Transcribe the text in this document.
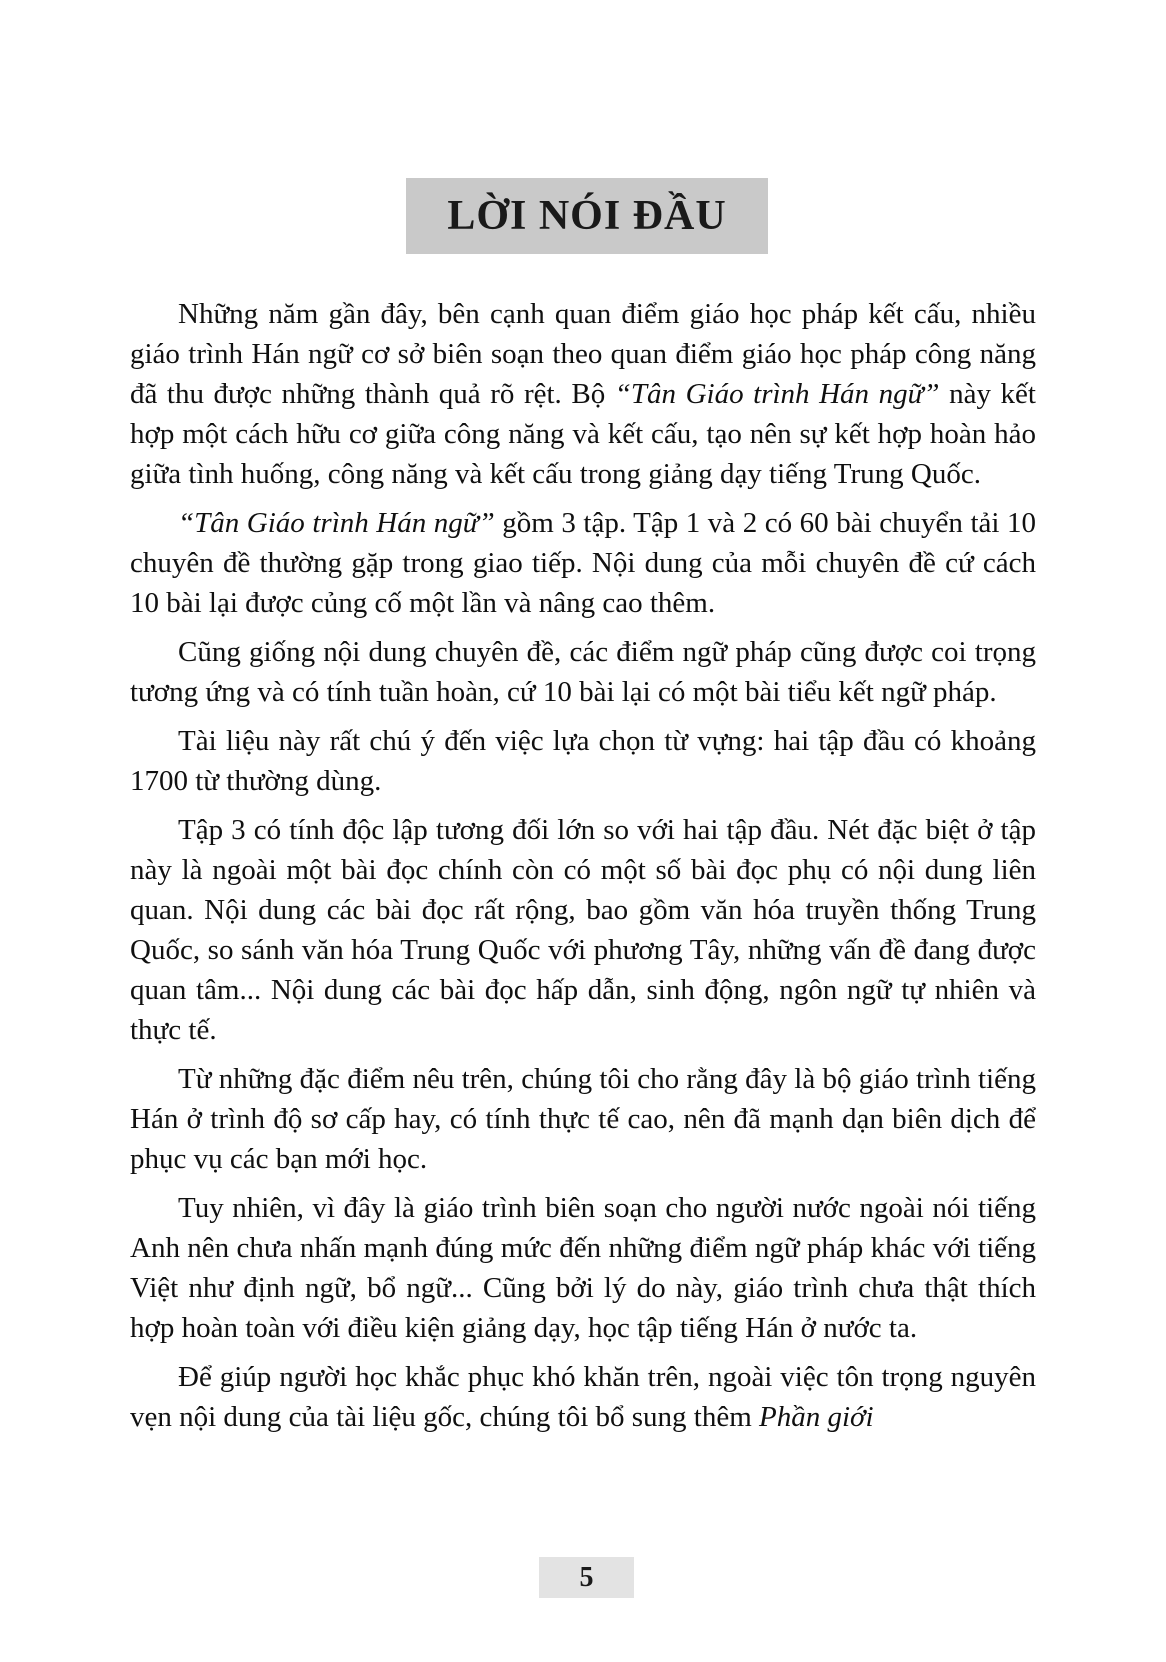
LỜI NÓI ĐẦU

Những năm gần đây, bên cạnh quan điểm giáo học pháp kết cấu, nhiều giáo trình Hán ngữ cơ sở biên soạn theo quan điểm giáo học pháp công năng đã thu được những thành quả rõ rệt. Bộ “Tân Giáo trình Hán ngữ” này kết hợp một cách hữu cơ giữa công năng và kết cấu, tạo nên sự kết hợp hoàn hảo giữa tình huống, công năng và kết cấu trong giảng dạy tiếng Trung Quốc.

“Tân Giáo trình Hán ngữ” gồm 3 tập. Tập 1 và 2 có 60 bài chuyển tải 10 chuyên đề thường gặp trong giao tiếp. Nội dung của mỗi chuyên đề cứ cách 10 bài lại được củng cố một lần và nâng cao thêm.

Cũng giống nội dung chuyên đề, các điểm ngữ pháp cũng được coi trọng tương ứng và có tính tuần hoàn, cứ 10 bài lại có một bài tiểu kết ngữ pháp.

Tài liệu này rất chú ý đến việc lựa chọn từ vựng: hai tập đầu có khoảng 1700 từ thường dùng.

Tập 3 có tính độc lập tương đối lớn so với hai tập đầu. Nét đặc biệt ở tập này là ngoài một bài đọc chính còn có một số bài đọc phụ có nội dung liên quan. Nội dung các bài đọc rất rộng, bao gồm văn hóa truyền thống Trung Quốc, so sánh văn hóa Trung Quốc với phương Tây, những vấn đề đang được quan tâm... Nội dung các bài đọc hấp dẫn, sinh động, ngôn ngữ tự nhiên và thực tế.

Từ những đặc điểm nêu trên, chúng tôi cho rằng đây là bộ giáo trình tiếng Hán ở trình độ sơ cấp hay, có tính thực tế cao, nên đã mạnh dạn biên dịch để phục vụ các bạn mới học.

Tuy nhiên, vì đây là giáo trình biên soạn cho người nước ngoài nói tiếng Anh nên chưa nhấn mạnh đúng mức đến những điểm ngữ pháp khác với tiếng Việt như định ngữ, bổ ngữ... Cũng bởi lý do này, giáo trình chưa thật thích hợp hoàn toàn với điều kiện giảng dạy, học tập tiếng Hán ở nước ta.

Để giúp người học khắc phục khó khăn trên, ngoài việc tôn trọng nguyên vẹn nội dung của tài liệu gốc, chúng tôi bổ sung thêm Phần giới

5
